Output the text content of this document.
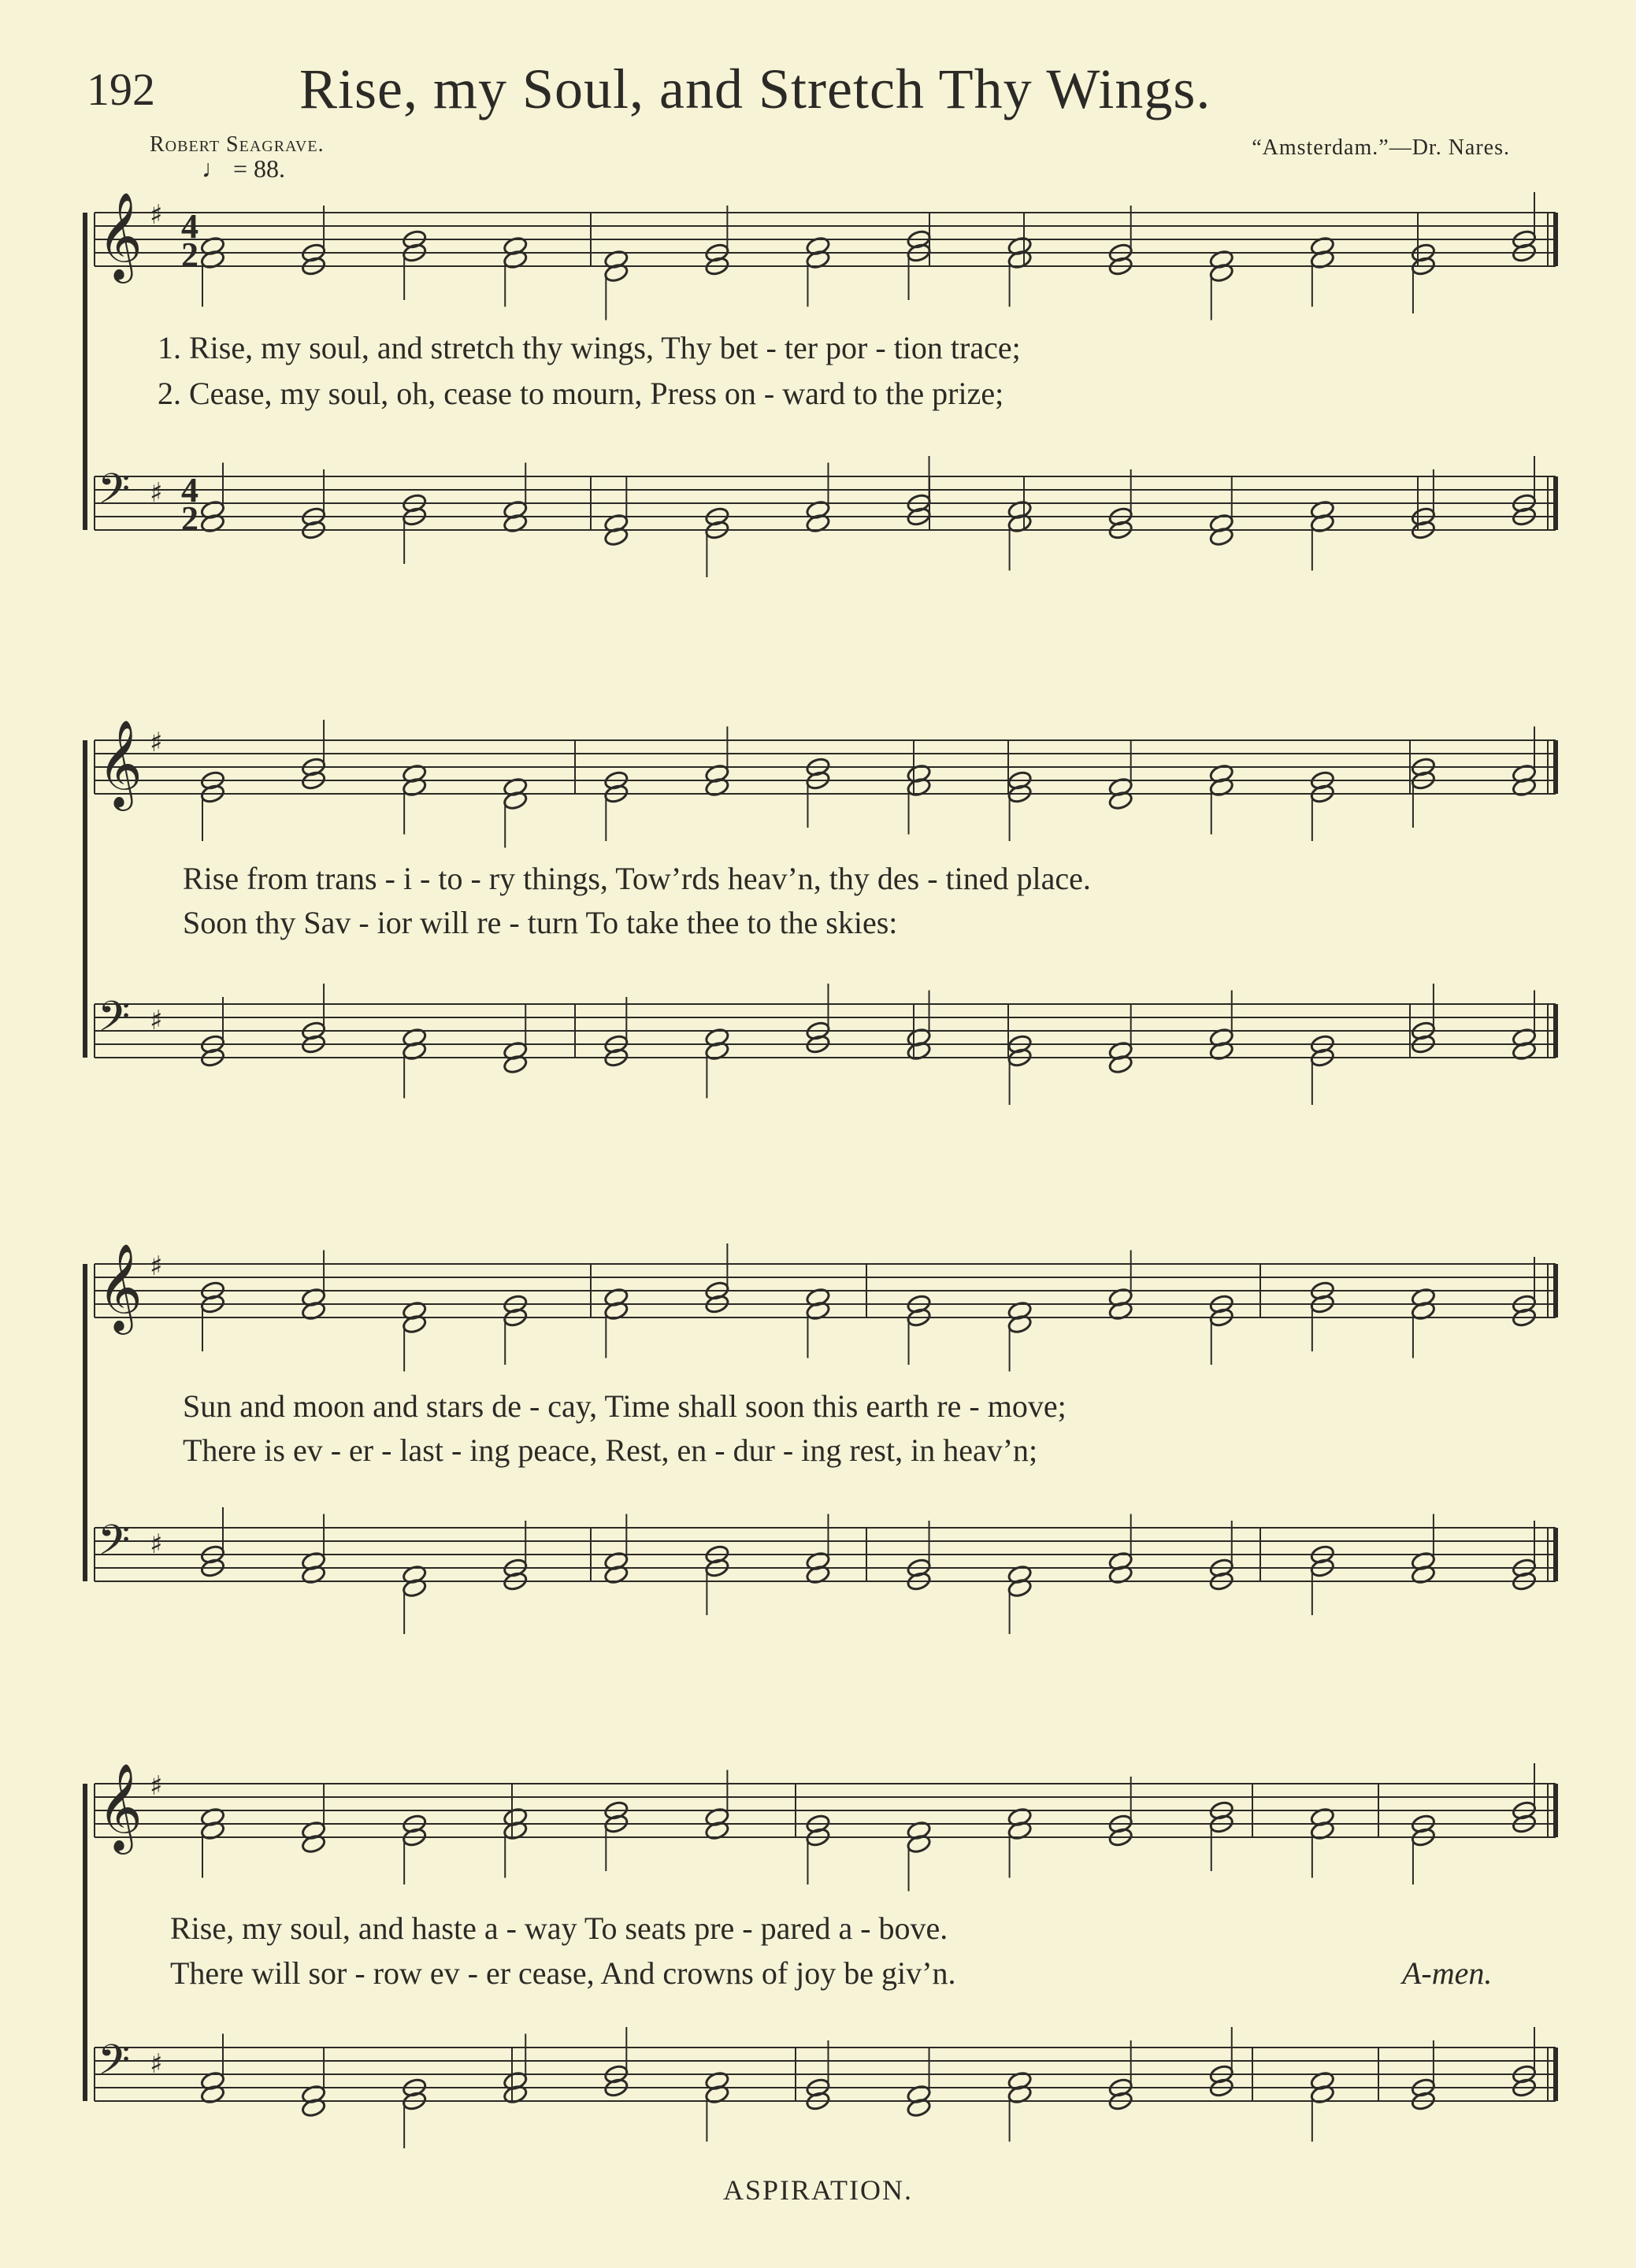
192	Rise, my Soul, and Stretch Thy Wings.
Robert Seagrave.	“Amsterdam.”—Dr. Nares.
♩ = 88.
𝄞 ♯ 4
2
𝄢 ♯ 4
2
1. Rise, my soul, and stretch thy wings, Thy bet - ter por - tion trace;
2. Cease, my soul, oh, cease to mourn, Press on - ward to the prize;
𝄞 ♯
𝄢 ♯
Rise from trans - i - to - ry things, Tow’rds heav’n, thy des - tined place.
Soon thy Sav - ior will re - turn To take thee to the skies:
𝄞 ♯
𝄢 ♯
Sun and moon and stars de - cay, Time shall soon this earth re - move;
There is ev - er - last - ing peace, Rest, en - dur - ing rest, in heav’n;
𝄞 ♯
𝄢 ♯
Rise, my soul, and haste a - way To seats pre - pared a - bove.
There will sor - row ev - er cease, And crowns of joy be giv’n.	A-men.
ASPIRATION.
